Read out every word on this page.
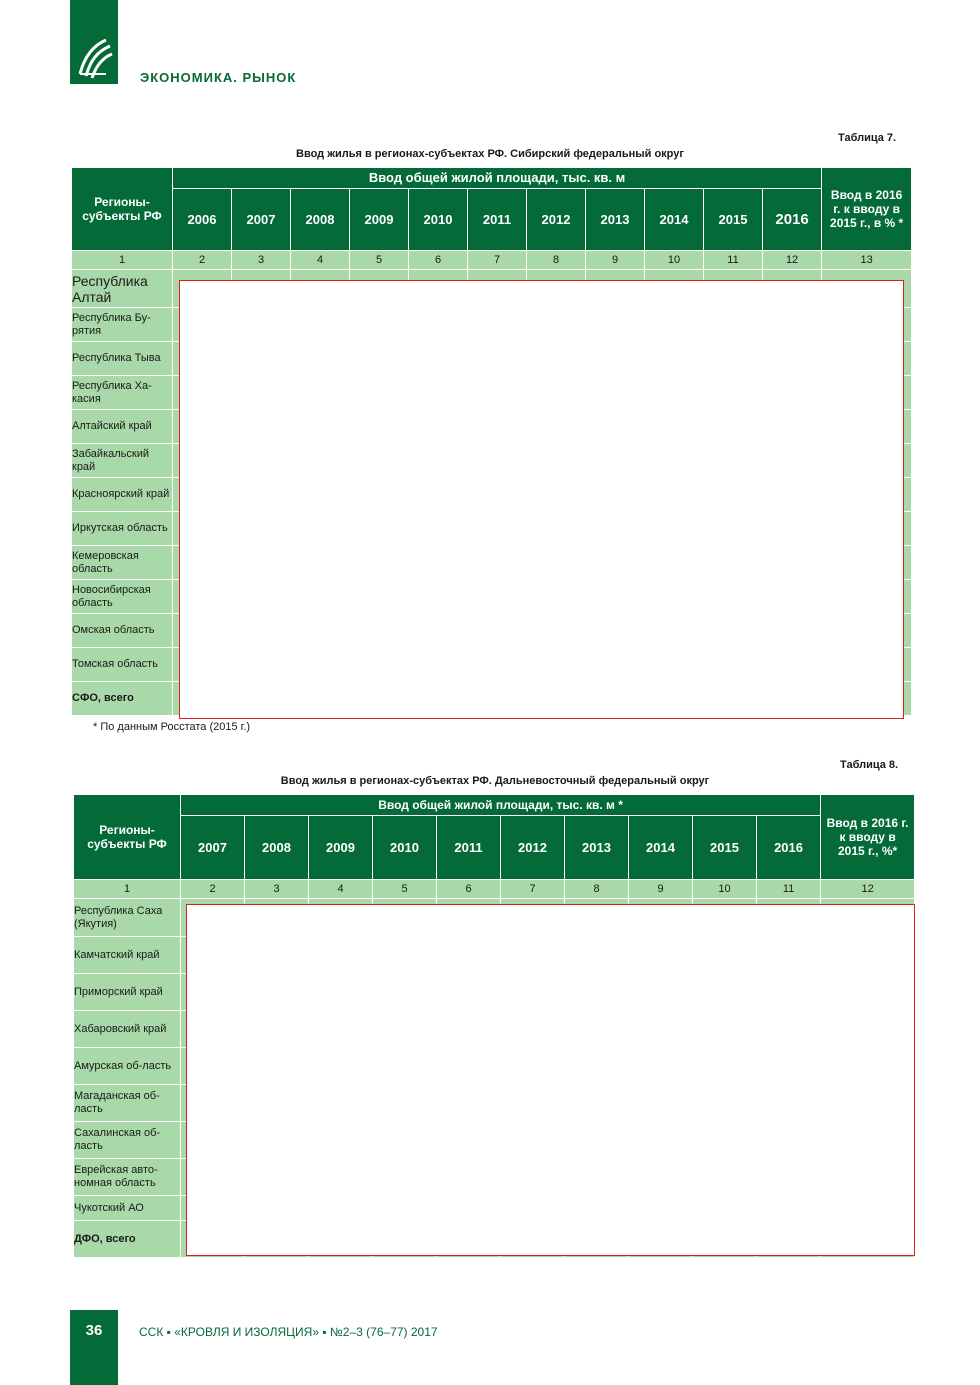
ЭКОНОМИКА. РЫНОК
Таблица 7.
Ввод жилья в регионах-субъектах РФ. Сибирский федеральный округ
Регионы-субъекты РФ	Ввод общей жилой площади, тыс. кв. м											Ввод в 2016 г. к вводу в 2015 г., в % *
	2006	2007	2008	2009	2010	2011	2012	2013	2014	2015	2016	
1	2	3	4	5	6	7	8	9	10	11	12	13
Республика Алтай												
Республика Бу-рятия												
Республика Тыва												
Республика Ха-касия												
Алтайский край												
Забайкальский край												
Красноярский край												
Иркутская область												
Кемеровская область												
Новосибирская область												
Омская область												
Томская область												
СФО, всего												
* По данным Росстата (2015 г.)
Таблица 8.
Ввод жилья в регионах-субъектах РФ. Дальневосточный федеральный округ
Регионы-субъекты РФ	Ввод общей жилой площади, тыс. кв. м *										Ввод в 2016 г. к вводу в 2015 г., %*
	2007	2008	2009	2010	2011	2012	2013	2014	2015	2016	
1	2	3	4	5	6	7	8	9	10	11	12
Республика Саха (Якутия)											
Камчатский край											
Приморский край											
Хабаровский край											
Амурская об-ласть											
Магаданская об-ласть											
Сахалинская об-ласть											
Еврейская авто-номная область											
Чукотский АО											
ДФО, всего											
36	ССК ▪ «КРОВЛЯ И ИЗОЛЯЦИЯ» ▪ №2–3 (76–77) 2017
